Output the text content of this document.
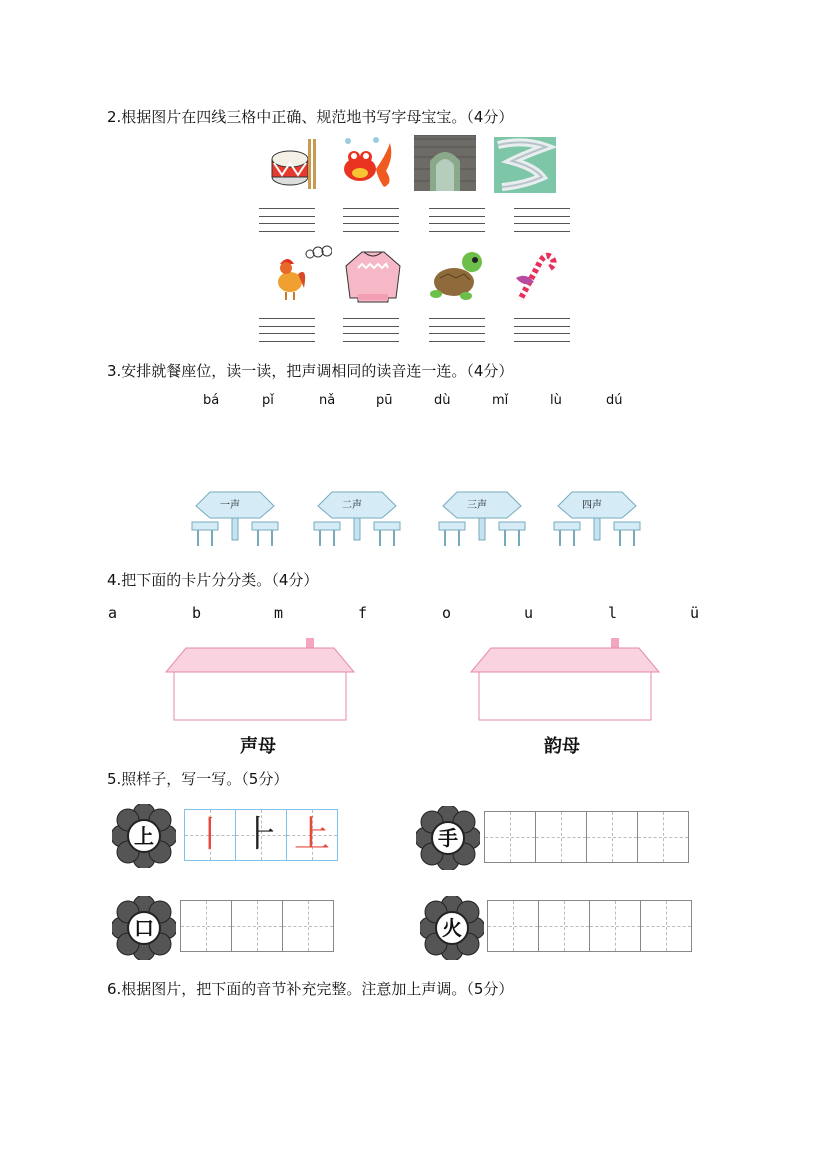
2.根据图片在四线三格中正确、规范地书写字母宝宝。（4分）
3.安排就餐座位，读一读，把声调相同的读音连一连。（4分）
bá	pǐ	nǎ	pū	dù	mǐ	lù	dú
一声	二声	三声	四声
4.把下面的卡片分分类。（4分）
a	b	m	f	o	u	l	ü
声母	韵母
5.照样子，写一写。（5分）
上	丨 ⺊ 上	手
口	火
6.根据图片，把下面的音节补充完整。注意加上声调。（5分）
